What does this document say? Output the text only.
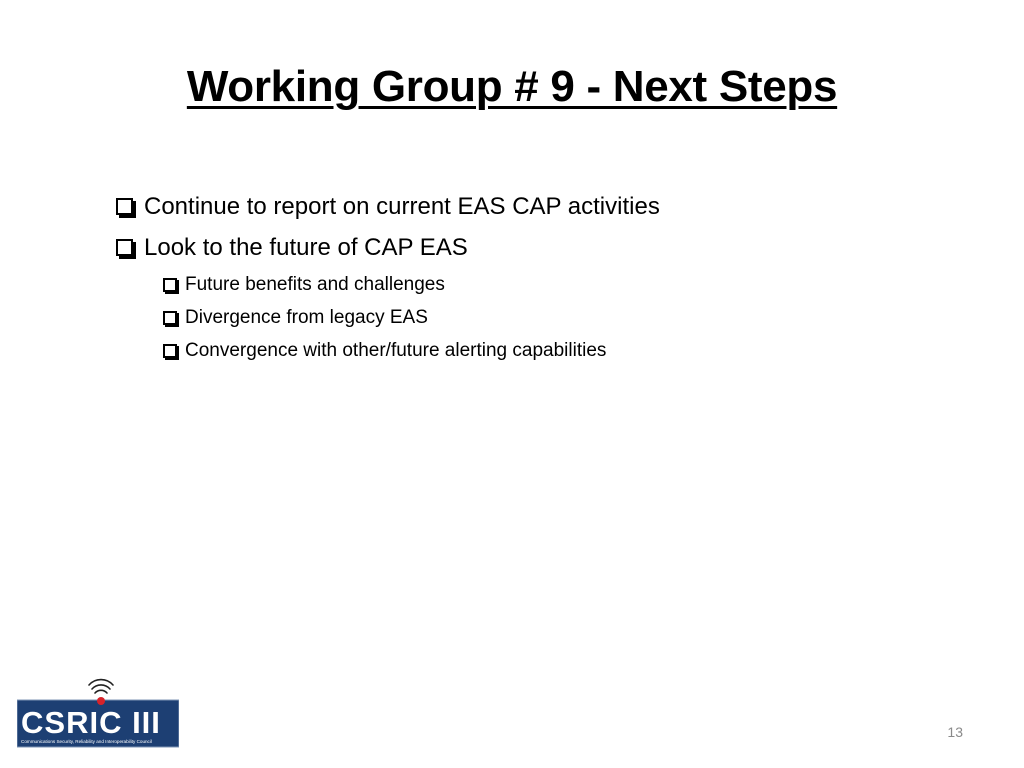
Working Group # 9 - Next Steps
Continue to report on current EAS CAP activities
Look to the future of CAP EAS
Future benefits and challenges
Divergence from legacy EAS
Convergence with other/future alerting capabilities
CSRIC III
Communications Security, Reliability and Interoperability Council
13
